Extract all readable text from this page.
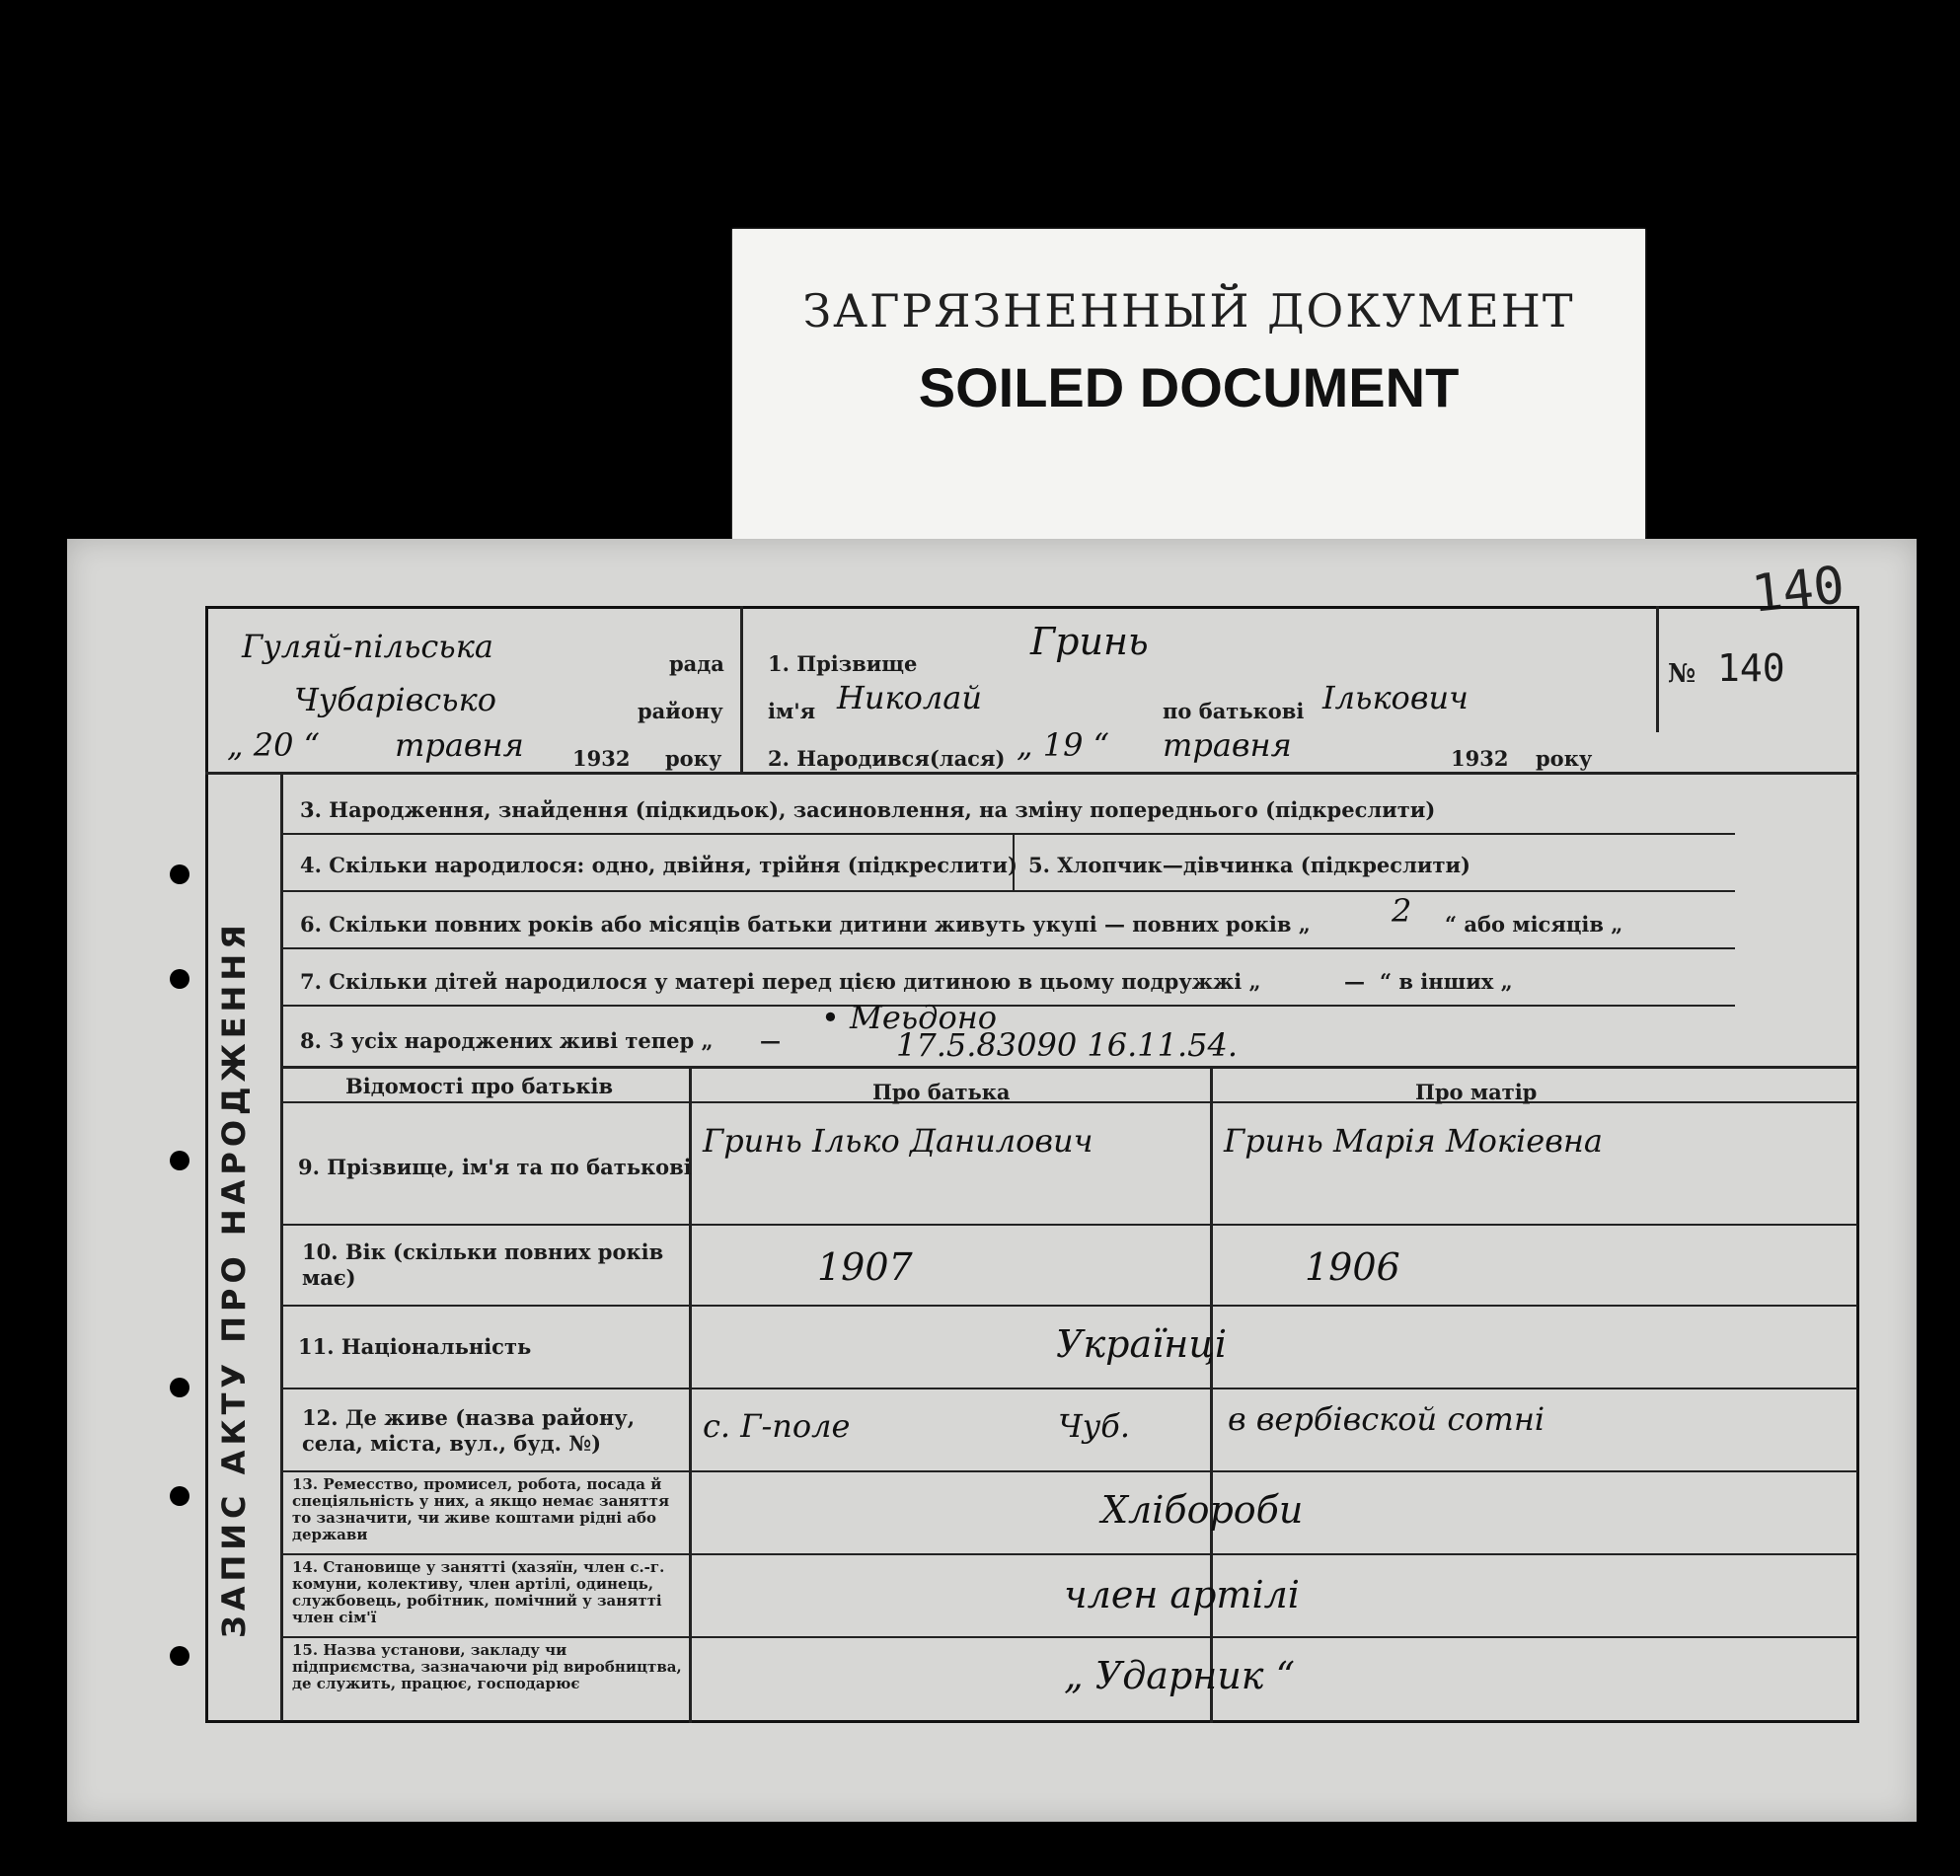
ЗАГРЯЗНЕННЫЙ ДОКУМЕНТ
SOILED DOCUMENT
140
Гуляй-пільська	рада
Чубарівсько	району
„ 20 “ травня 1932 року
1. Прізвище
Гринь
ім'я Николай	по батькові Ількович
2. Народився(лася) „ 19 “ травня	1932 року
№ 140
ЗАПИС АКТУ ПРО НАРОДЖЕННЯ
3. Народження, знайдення (підкидьок), засиновлення, на зміну попереднього (підкреслити)
4. Скільки народилося: одно, двійня, трійня (підкреслити) 5. Хлопчик—дівчинка (підкреслити)
6. Скільки повних років або місяців батьки дитини живуть укупі — повних років „	2 “ або місяців „
7. Скільки дітей народилося у матері перед цією дитиною в цьому подружжі „	— “ в інших „
8. З усіх народжених живі тепер „ —
• Меьдоно
17.5.83090 16.11.54.
Відомості про батьків	Про батька	Про матір
9. Прізвище, ім'я та по батькові
Гринь Ілько Данилович	Гринь Марія Мокіевна
10. Вік (скільки повних років має)	1907	1906
11. Національність	Українці
12. Де живе (назва району, села, міста, вул., буд. №)	с. Г-поле	Чуб.	в вербівской сотні
13. Ремесство, промисел, робота, посада й спеціяльність у них, а якщо немає заняття то зазначити, чи живе коштами рідні або держави
Хлібороби
14. Становище у занятті (хазяїн, член с.-г. комуни, колективу, член артілі, одинець, службовець, робітник, помічний у занятті член сім'ї
член артілі
15. Назва установи, закладу чи підприємства, зазначаючи рід виробництва, де служить, працює, господарює	„ Ударник “
